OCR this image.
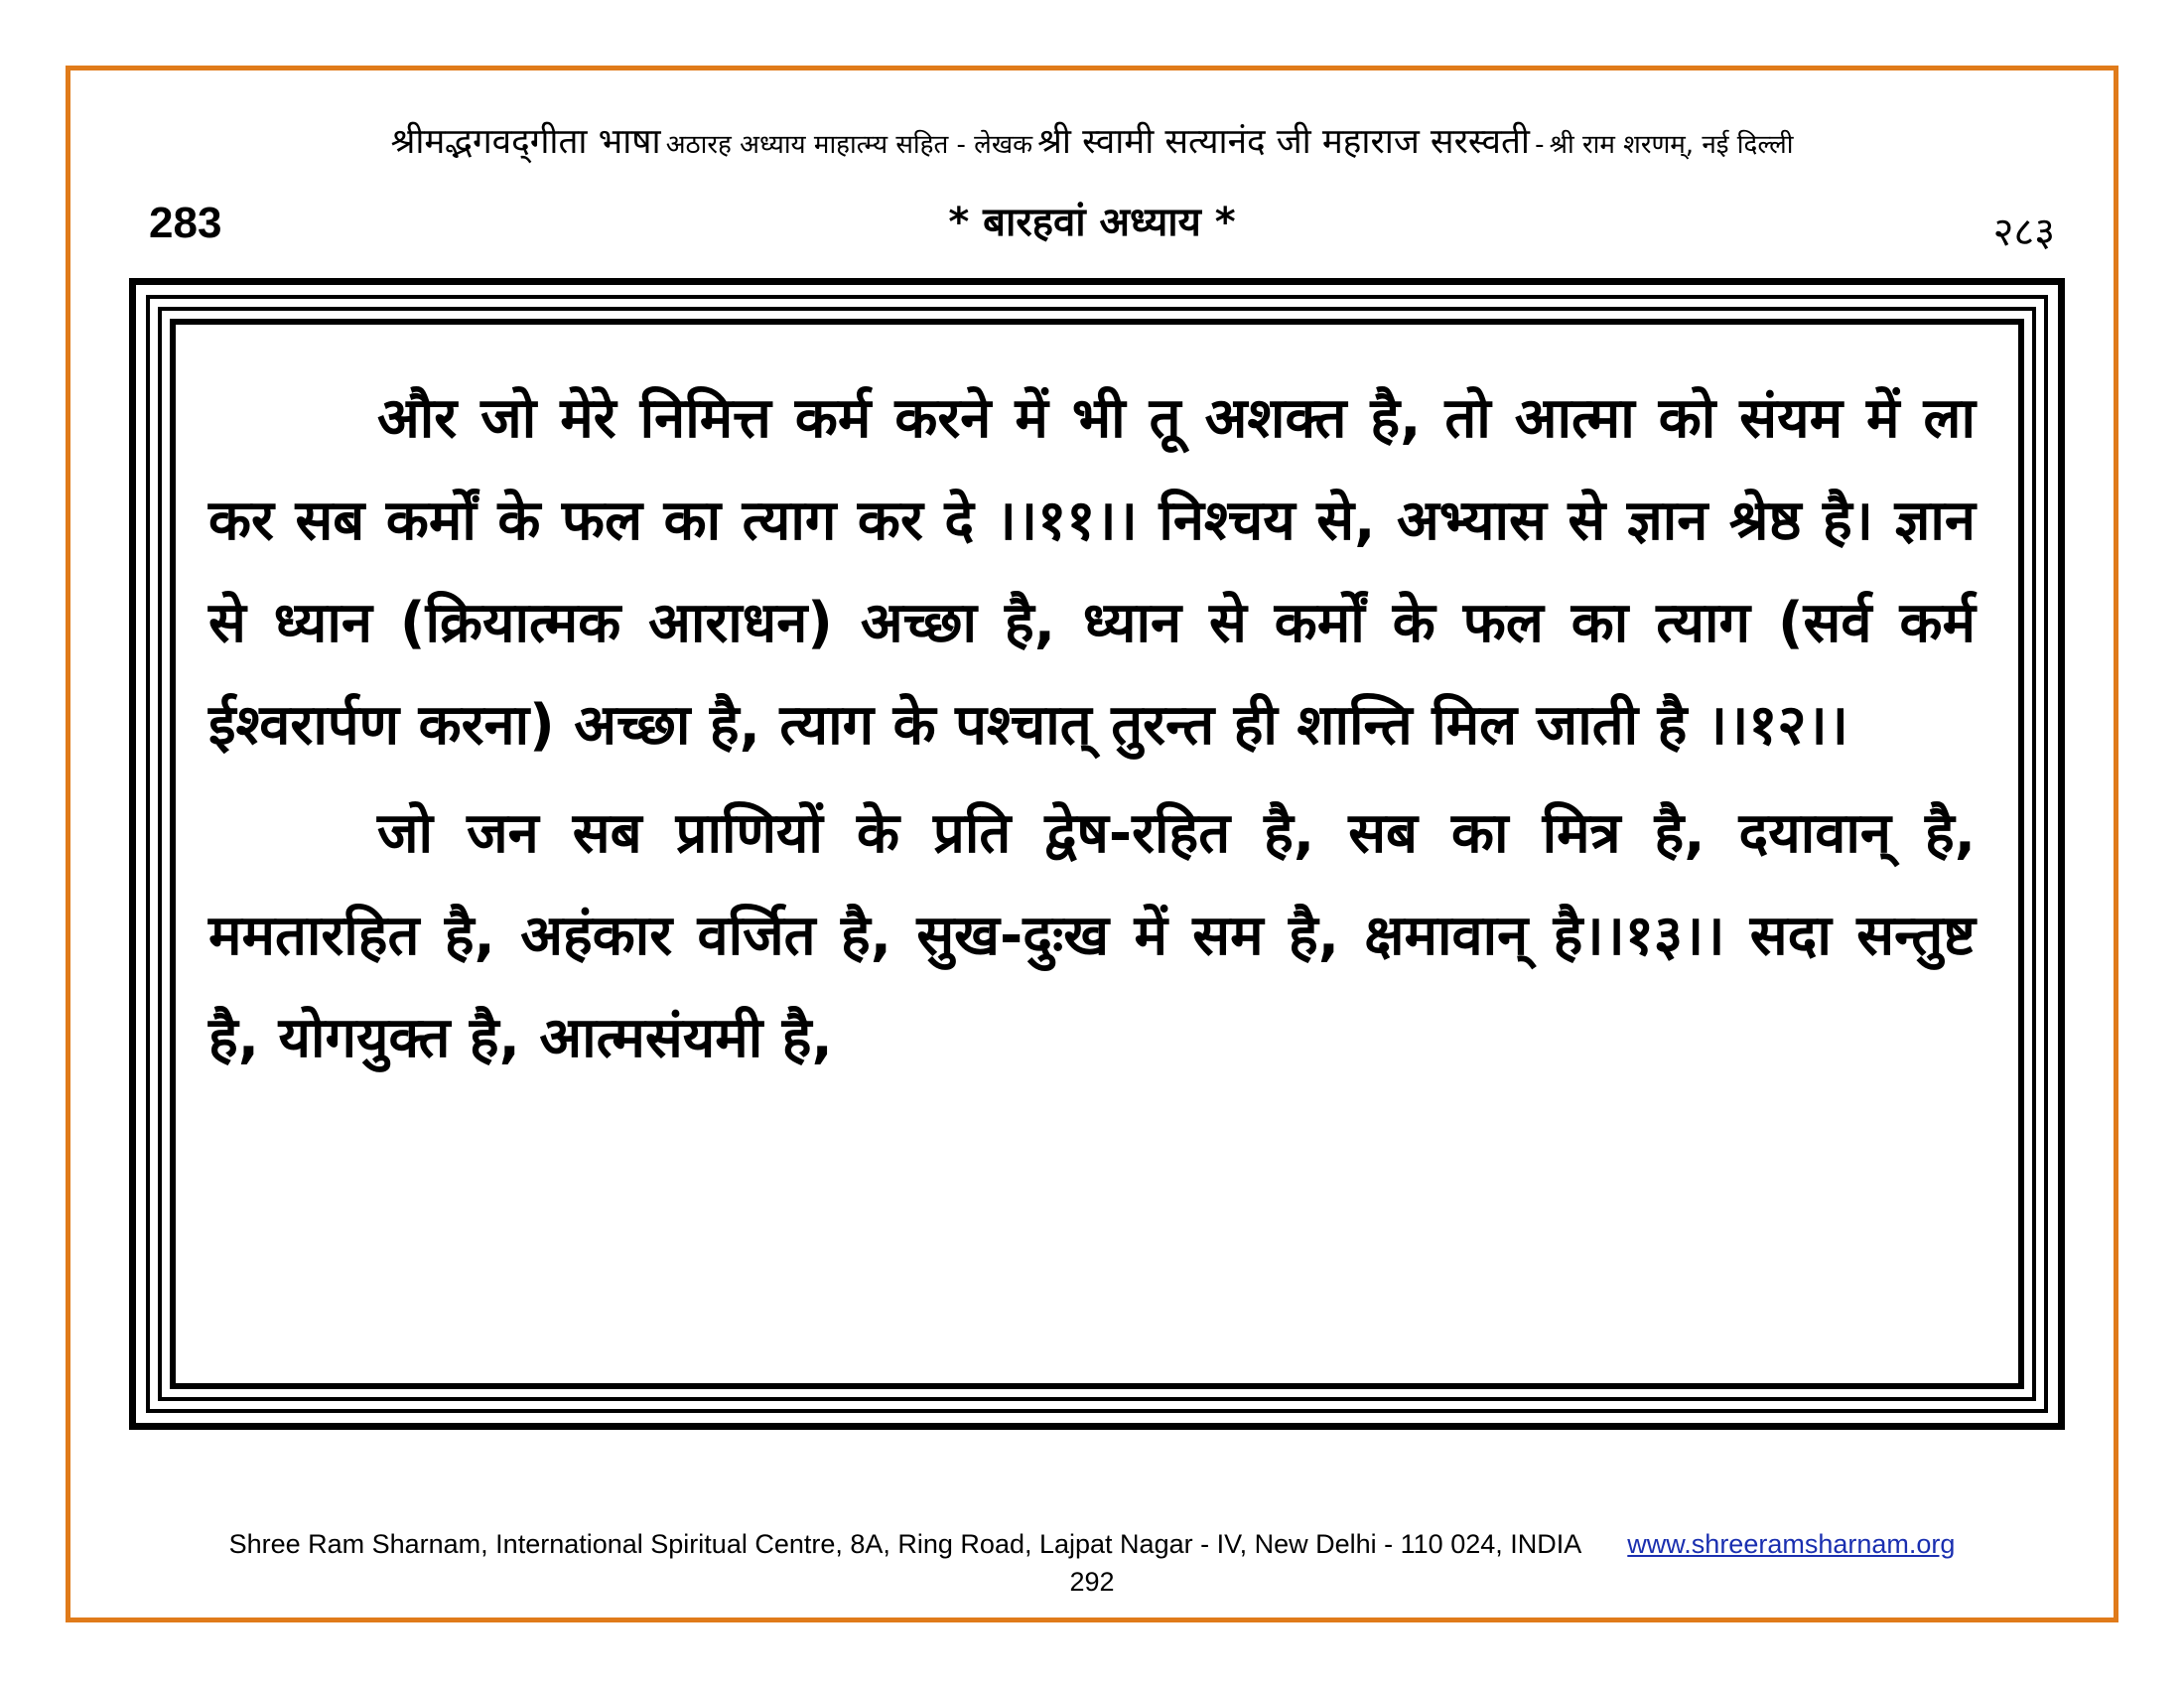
श्रीमद्भगवद्‌गीता भाषा अठारह अध्याय माहात्म्य सहित - लेखक श्री स्वामी सत्यानंद जी महाराज सरस्वती - श्री राम शरणम्, नई दिल्ली
283	* बारहवां अध्याय *	२८३

और जो मेरे निमित्त कर्म करने में भी तू अशक्त है, तो आत्मा को संयम में ला कर सब कर्मों के फल का त्याग कर दे ।।११।। निश्चय से, अभ्यास से ज्ञान श्रेष्ठ है। ज्ञान से ध्यान (क्रियात्मक आराधन) अच्छा है, ध्यान से कर्मों के फल का त्याग (सर्व कर्म ईश्वरार्पण करना) अच्छा है, त्याग के पश्चात् तुरन्त ही शान्ति मिल जाती है ।।१२।।

जो जन सब प्राणियों के प्रति द्वेष-रहित है, सब का मित्र है, दयावान् है, ममतारहित है, अहंकार वर्जित है, सुख-दुःख में सम है, क्षमावान् है।।१३।। सदा सन्तुष्ट है, योगयुक्त है, आत्मसंयमी है,

Shree Ram Sharnam, International Spiritual Centre, 8A, Ring Road, Lajpat Nagar - IV, New Delhi - 110 024, INDIA www.shreeramsharnam.org
292
